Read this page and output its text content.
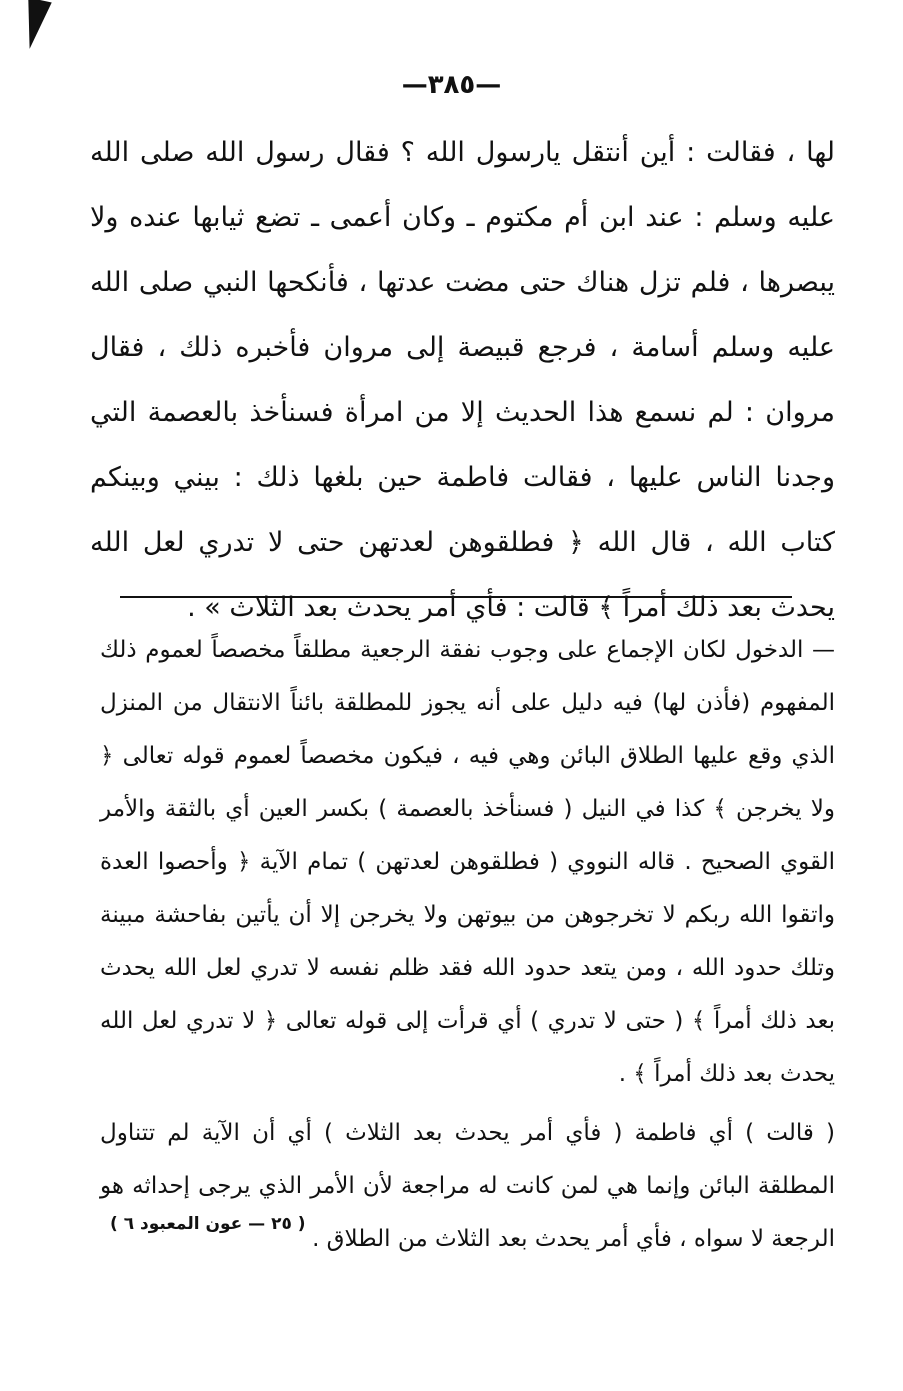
—٣٨٥—

لها ، فقالت : أين أنتقل يارسول الله ؟ فقال رسول الله صلى الله عليه وسلم : عند ابن أم مكتوم ـ وكان أعمى ـ تضع ثيابها عنده ولا يبصرها ، فلم تزل هناك حتى مضت عدتها ، فأنكحها النبي صلى الله عليه وسلم أسامة ، فرجع قبيصة إلى مروان فأخبره ذلك ، فقال مروان : لم نسمع هذا الحديث إلا من امرأة فسنأخذ بالعصمة التي وجدنا الناس عليها ، فقالت فاطمة حين بلغها ذلك : بيني وبينكم كتاب الله ، قال الله ﴿ فطلقوهن لعدتهن حتى لا تدري لعل الله يحدث بعد ذلك أمراً ﴾ قالت : فأي أمر يحدث بعد الثلاث » .

— الدخول لكان الإجماع على وجوب نفقة الرجعية مطلقاً مخصصاً لعموم ذلك المفهوم (فأذن لها) فيه دليل على أنه يجوز للمطلقة بائناً الانتقال من المنزل الذي وقع عليها الطلاق البائن وهي فيه ، فيكون مخصصاً لعموم قوله تعالى ﴿ ولا يخرجن ﴾ كذا في النيل ( فسنأخذ بالعصمة ) بكسر العين أي بالثقة والأمر القوي الصحيح . قاله النووي ( فطلقوهن لعدتهن ) تمام الآية ﴿ وأحصوا العدة واتقوا الله ربكم لا تخرجوهن من بيوتهن ولا يخرجن إلا أن يأتين بفاحشة مبينة وتلك حدود الله ، ومن يتعد حدود الله فقد ظلم نفسه لا تدري لعل الله يحدث بعد ذلك أمراً ﴾ ( حتى لا تدري ) أي قرأت إلى قوله تعالى ﴿ لا تدري لعل الله يحدث بعد ذلك أمراً ﴾ .

( قالت ) أي فاطمة ( فأي أمر يحدث بعد الثلاث ) أي أن الآية لم تتناول المطلقة البائن وإنما هي لمن كانت له مراجعة لأن الأمر الذي يرجى إحداثه هو الرجعة لا سواه ، فأي أمر يحدث بعد الثلاث من الطلاق .

( ٢٥ — عون المعبود ٦ )
